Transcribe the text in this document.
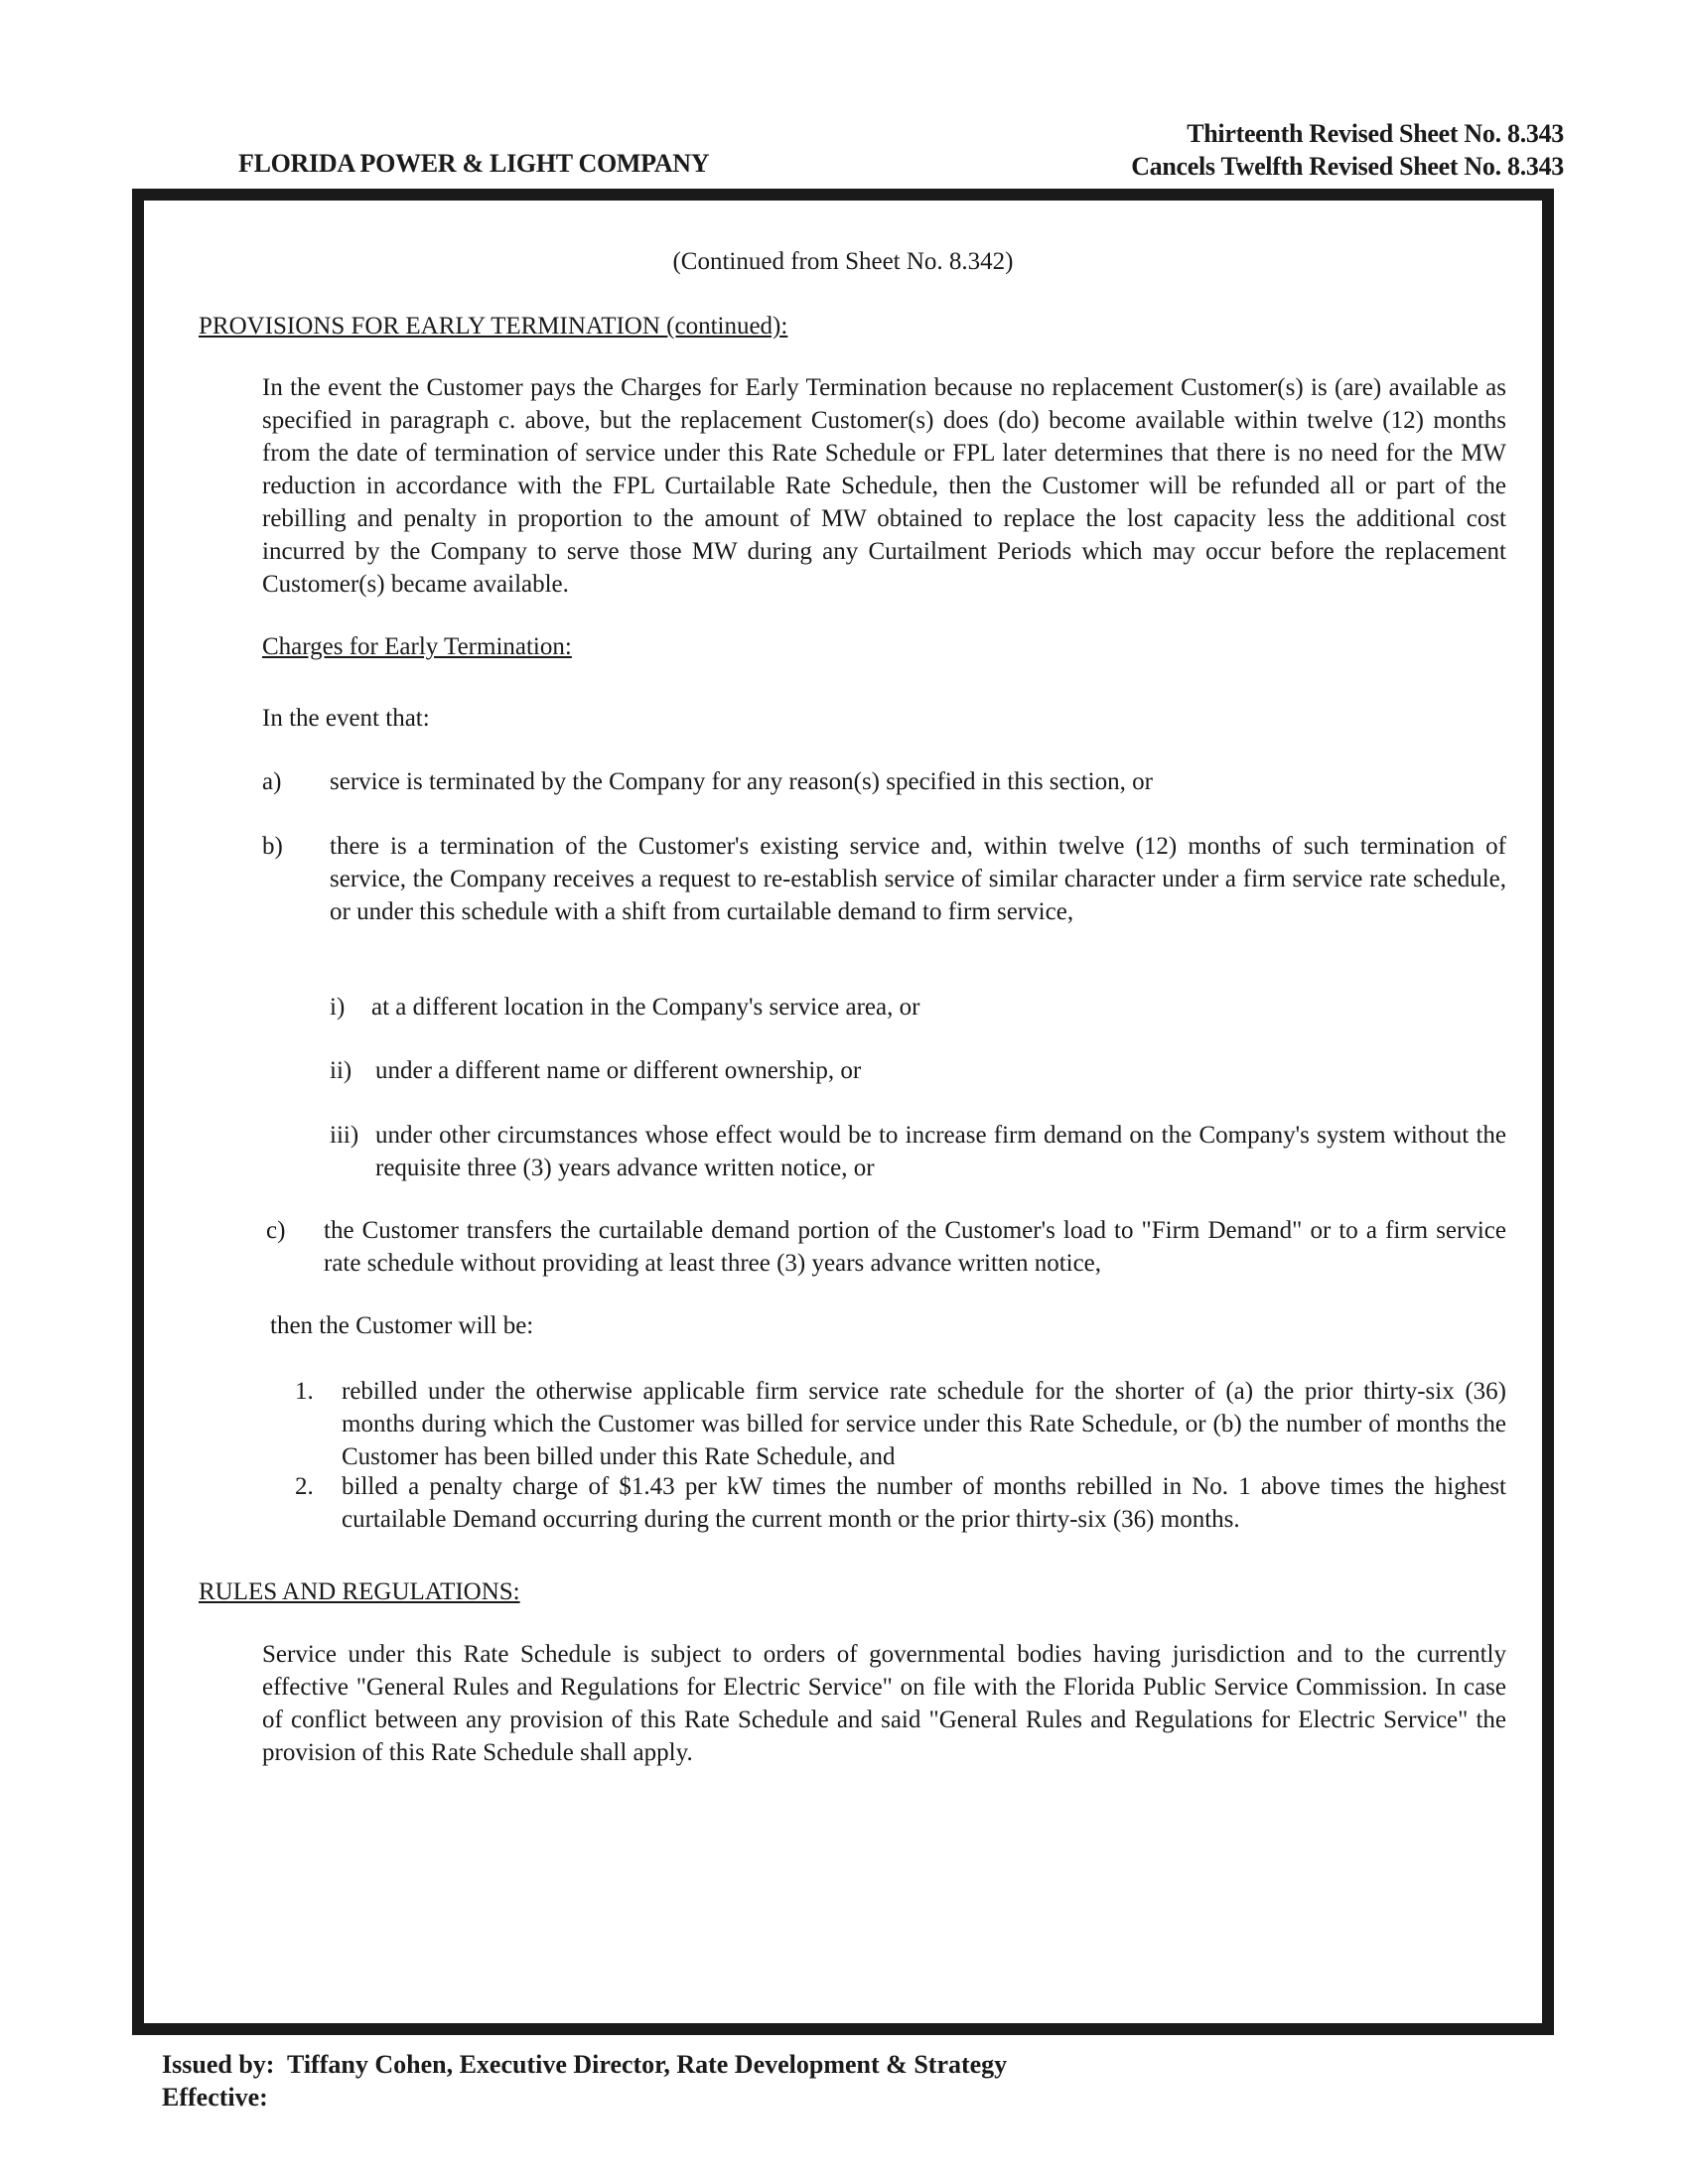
FLORIDA POWER & LIGHT COMPANY
Thirteenth Revised Sheet No. 8.343
Cancels Twelfth Revised Sheet No. 8.343

(Continued from Sheet No. 8.342)

PROVISIONS FOR EARLY TERMINATION (continued):

In the event the Customer pays the Charges for Early Termination because no replacement Customer(s) is (are) available as specified in paragraph c. above, but the replacement Customer(s) does (do) become available within twelve (12) months from the date of termination of service under this Rate Schedule or FPL later determines that there is no need for the MW reduction in accordance with the FPL Curtailable Rate Schedule, then the Customer will be refunded all or part of the rebilling and penalty in proportion to the amount of MW obtained to replace the lost capacity less the additional cost incurred by the Company to serve those MW during any Curtailment Periods which may occur before the replacement Customer(s) became available.

Charges for Early Termination:

In the event that:

a) service is terminated by the Company for any reason(s) specified in this section, or
b) there is a termination of the Customer's existing service and, within twelve (12) months of such termination of service, the Company receives a request to re-establish service of similar character under a firm service rate schedule, or under this schedule with a shift from curtailable demand to firm service,
i) at a different location in the Company's service area, or
ii) under a different name or different ownership, or
iii) under other circumstances whose effect would be to increase firm demand on the Company's system without the requisite three (3) years advance written notice, or
c) the Customer transfers the curtailable demand portion of the Customer's load to "Firm Demand" or to a firm service rate schedule without providing at least three (3) years advance written notice,

then the Customer will be:

1. rebilled under the otherwise applicable firm service rate schedule for the shorter of (a) the prior thirty-six (36) months during which the Customer was billed for service under this Rate Schedule, or (b) the number of months the Customer has been billed under this Rate Schedule, and
2. billed a penalty charge of $1.43 per kW times the number of months rebilled in No. 1 above times the highest curtailable Demand occurring during the current month or the prior thirty-six (36) months.

RULES AND REGULATIONS:

Service under this Rate Schedule is subject to orders of governmental bodies having jurisdiction and to the currently effective "General Rules and Regulations for Electric Service" on file with the Florida Public Service Commission. In case of conflict between any provision of this Rate Schedule and said "General Rules and Regulations for Electric Service" the provision of this Rate Schedule shall apply.

Issued by:  Tiffany Cohen, Executive Director, Rate Development & Strategy
Effective:
